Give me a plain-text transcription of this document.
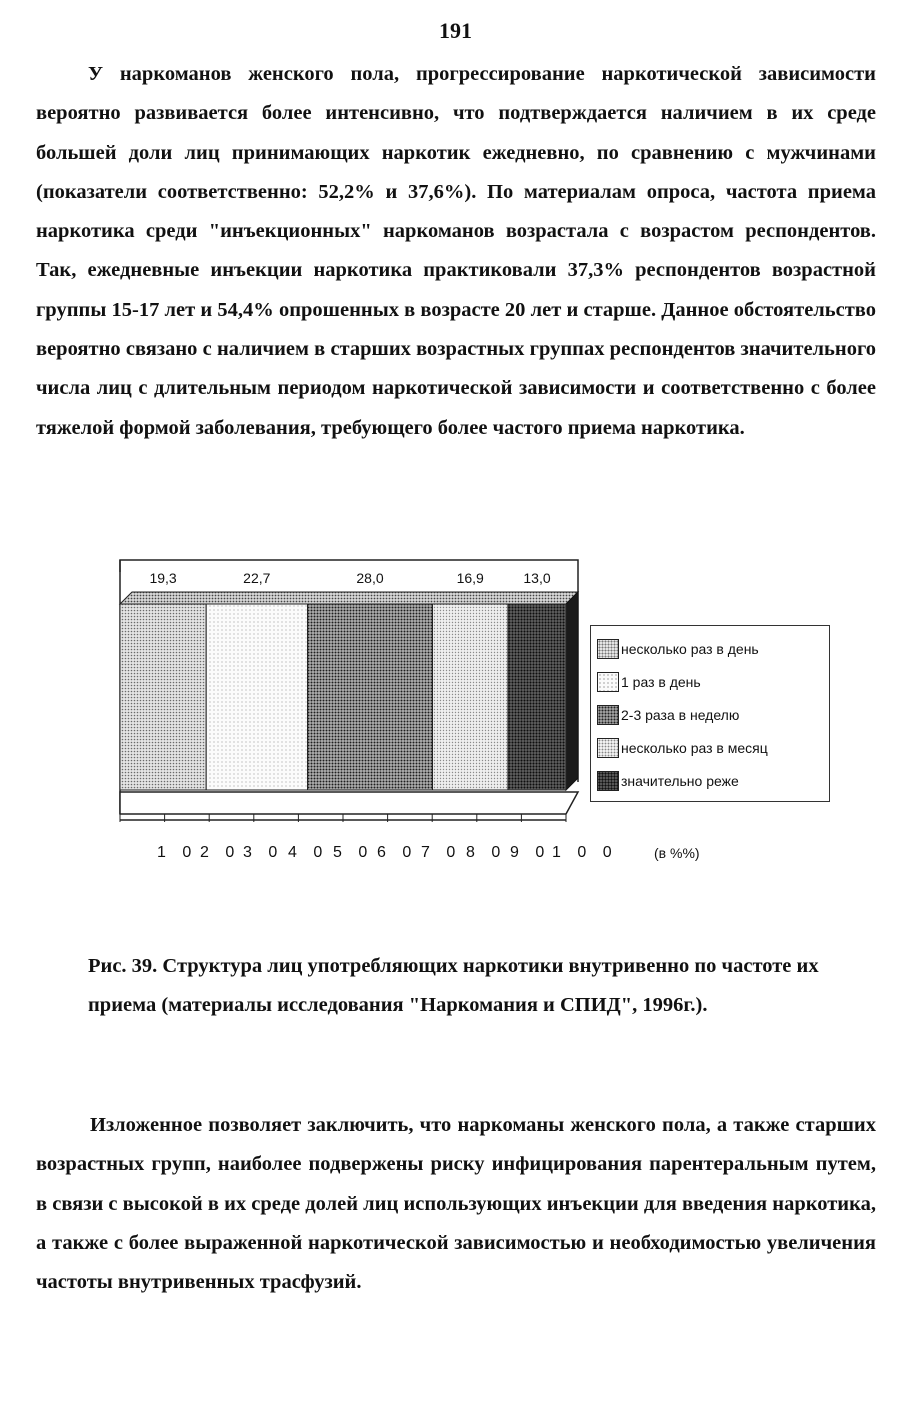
191

У наркоманов женского пола, прогрессирование наркотической зависимости вероятно развивается более интенсивно, что подтверждается наличием в их среде большей доли лиц принимающих наркотик ежедневно, по сравнению с мужчинами (показатели соответственно: 52,2% и 37,6%). По материалам опроса, частота приема наркотика среди "инъекционных" наркоманов возрастала с возрастом респондентов. Так, ежедневные инъекции наркотика практиковали 37,3% респондентов возрастной группы 15-17 лет и 54,4% опрошенных в возрасте 20 лет и старше. Данное обстоятельство вероятно связано с наличием в старших возрастных группах респондентов значительного числа лиц с длительным периодом наркотической зависимости и соответственно с более тяжелой формой заболевания, требующего более частого приема наркотика.

19,3	22,7	28,0	16,9	13,0
несколько раз в день
1 раз в день
2-3 раза в неделю
несколько раз в месяц
значительно реже
1 0 2 0 3 0 4 0 5 0 6 0 7 0 8 0 9 0 1 0 0	(в %%)

Рис. 39. Структура лиц употребляющих наркотики внутривенно по частоте их приема (материалы исследования "Наркомания и СПИД", 1996г.).

Изложенное позволяет заключить, что наркоманы женского пола, а также старших возрастных групп, наиболее подвержены риску инфицирования парентеральным путем, в связи с высокой в их среде долей лиц использующих инъекции для введения наркотика, а также с более выраженной наркотической зависимостью и необходимостью увеличения частоты внутривенных трасфузий.
